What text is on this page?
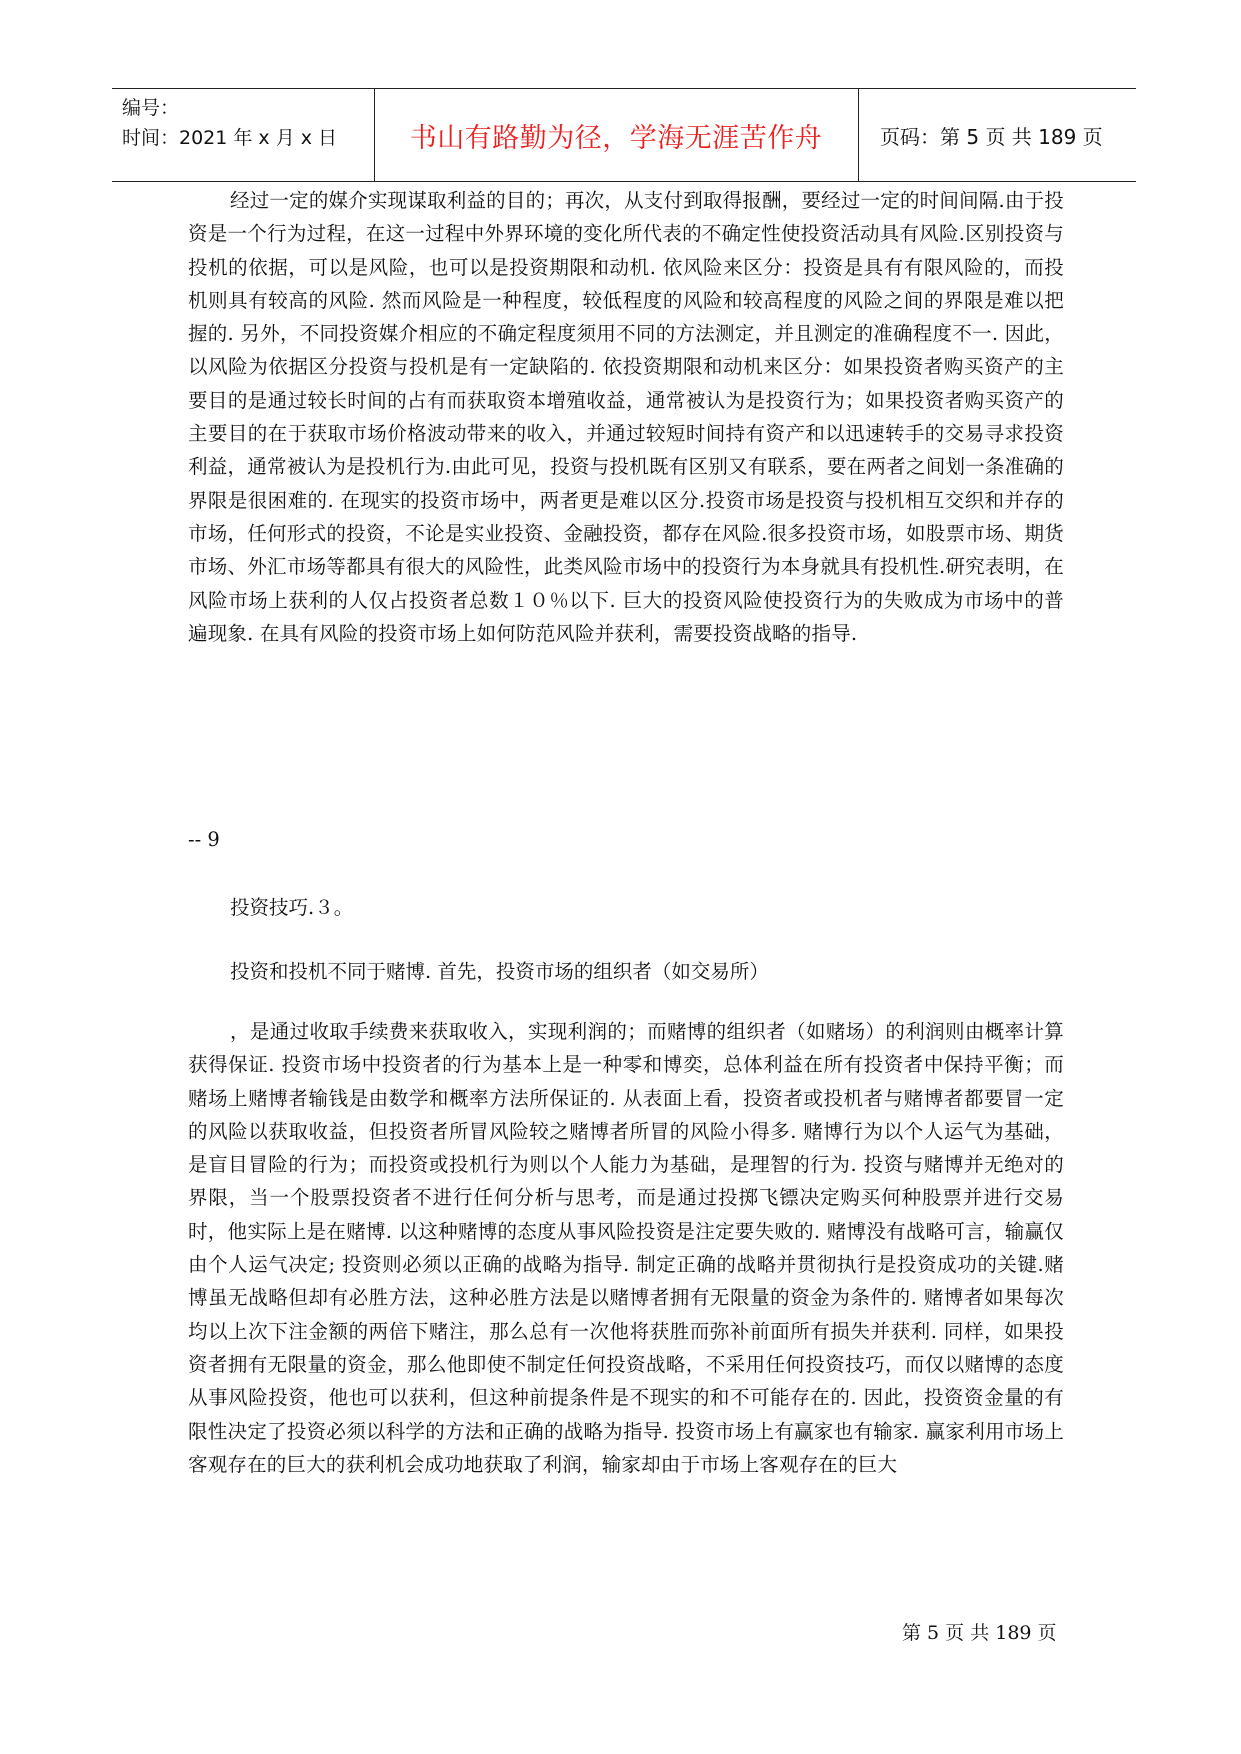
编号：
时间：2021 年 x 月 x 日	书山有路勤为径，学海无涯苦作舟	页码：第 5 页 共 189 页
经过一定的媒介实现谋取利益的目的；再次，从支付到取得报酬，要经过一定的时间间隔.由于投资是一个行为过程，在这一过程中外界环境的变化所代表的不确定性使投资活动具有风险.区别投资与投机的依据，可以是风险，也可以是投资期限和动机. 依风险来区分：投资是具有有限风险的，而投机则具有较高的风险. 然而风险是一种程度，较低程度的风险和较高程度的风险之间的界限是难以把握的. 另外，不同投资媒介相应的不确定程度须用不同的方法测定，并且测定的准确程度不一. 因此，以风险为依据区分投资与投机是有一定缺陷的. 依投资期限和动机来区分：如果投资者购买资产的主要目的是通过较长时间的占有而获取资本增殖收益，通常被认为是投资行为；如果投资者购买资产的主要目的在于获取市场价格波动带来的收入，并通过较短时间持有资产和以迅速转手的交易寻求投资利益，通常被认为是投机行为.由此可见，投资与投机既有区别又有联系，要在两者之间划一条准确的界限是很困难的. 在现实的投资市场中，两者更是难以区分.投资市场是投资与投机相互交织和并存的市场，任何形式的投资，不论是实业投资、金融投资，都存在风险.很多投资市场，如股票市场、期货市场、外汇市场等都具有很大的风险性，此类风险市场中的投资行为本身就具有投机性.研究表明，在风险市场上获利的人仅占投资者总数１０％以下. 巨大的投资风险使投资行为的失败成为市场中的普遍现象. 在具有风险的投资市场上如何防范风险并获利，需要投资战略的指导.
-- 9
投资技巧.３。
投资和投机不同于赌博. 首先，投资市场的组织者（如交易所）
，是通过收取手续费来获取收入，实现利润的；而赌博的组织者（如赌场）的利润则由概率计算获得保证. 投资市场中投资者的行为基本上是一种零和博奕，总体利益在所有投资者中保持平衡；而赌场上赌博者输钱是由数学和概率方法所保证的. 从表面上看，投资者或投机者与赌博者都要冒一定的风险以获取收益，但投资者所冒风险较之赌博者所冒的风险小得多. 赌博行为以个人运气为基础，是盲目冒险的行为；而投资或投机行为则以个人能力为基础，是理智的行为. 投资与赌博并无绝对的界限，当一个股票投资者不进行任何分析与思考，而是通过投掷飞镖决定购买何种股票并进行交易时，他实际上是在赌博. 以这种赌博的态度从事风险投资是注定要失败的. 赌博没有战略可言，输赢仅由个人运气决定; 投资则必须以正确的战略为指导. 制定正确的战略并贯彻执行是投资成功的关键.赌博虽无战略但却有必胜方法，这种必胜方法是以赌博者拥有无限量的资金为条件的. 赌博者如果每次均以上次下注金额的两倍下赌注，那么总有一次他将获胜而弥补前面所有损失并获利. 同样，如果投资者拥有无限量的资金，那么他即使不制定任何投资战略，不采用任何投资技巧，而仅以赌博的态度从事风险投资，他也可以获利，但这种前提条件是不现实的和不可能存在的. 因此，投资资金量的有限性决定了投资必须以科学的方法和正确的战略为指导. 投资市场上有赢家也有输家. 赢家利用市场上客观存在的巨大的获利机会成功地获取了利润，输家却由于市场上客观存在的巨大
第 5 页 共 189 页
